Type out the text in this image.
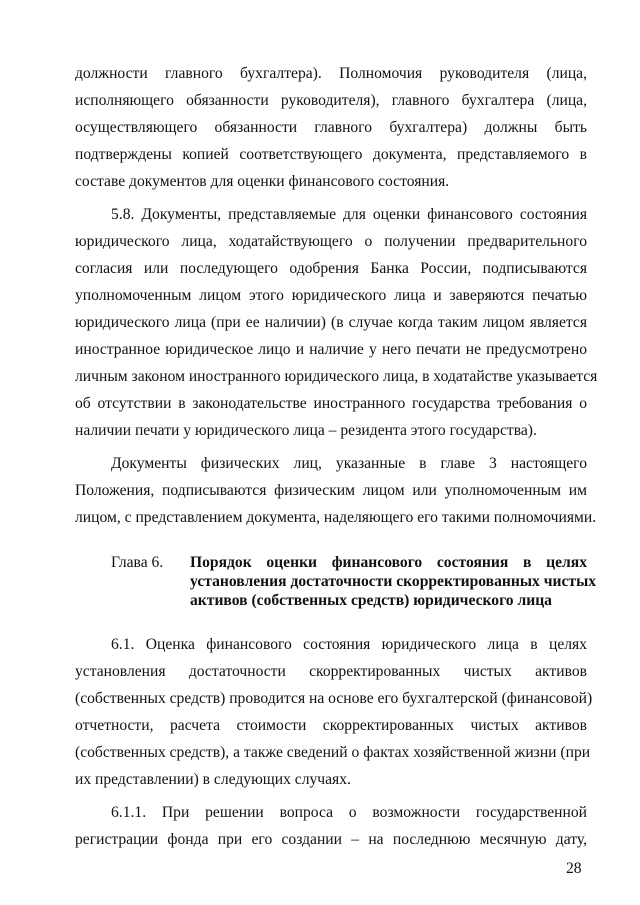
должности главного бухгалтера). Полномочия руководителя (лица,
исполняющего обязанности руководителя), главного бухгалтера (лица,
осуществляющего обязанности главного бухгалтера) должны быть
подтверждены копией соответствующего документа, представляемого в
составе документов для оценки финансового состояния.
5.8. Документы, представляемые для оценки финансового состояния
юридического лица, ходатайствующего о получении предварительного
согласия или последующего одобрения Банка России, подписываются
уполномоченным лицом этого юридического лица и заверяются печатью
юридического лица (при ее наличии) (в случае когда таким лицом является
иностранное юридическое лицо и наличие у него печати не предусмотрено
личным законом иностранного юридического лица, в ходатайстве указывается
об отсутствии в законодательстве иностранного государства требования о
наличии печати у юридического лица – резидента этого государства).
Документы физических лиц, указанные в главе 3 настоящего
Положения, подписываются физическим лицом или уполномоченным им
лицом, с представлением документа, наделяющего его такими полномочиями.
Глава 6. Порядок оценки финансового состояния в целях
установления достаточности скорректированных чистых
активов (собственных средств) юридического лица
6.1. Оценка финансового состояния юридического лица в целях
установления достаточности скорректированных чистых активов
(собственных средств) проводится на основе его бухгалтерской (финансовой)
отчетности, расчета стоимости скорректированных чистых активов
(собственных средств), а также сведений о фактах хозяйственной жизни (при
их представлении) в следующих случаях.
6.1.1. При решении вопроса о возможности государственной
регистрации фонда при его создании – на последнюю месячную дату,
28
